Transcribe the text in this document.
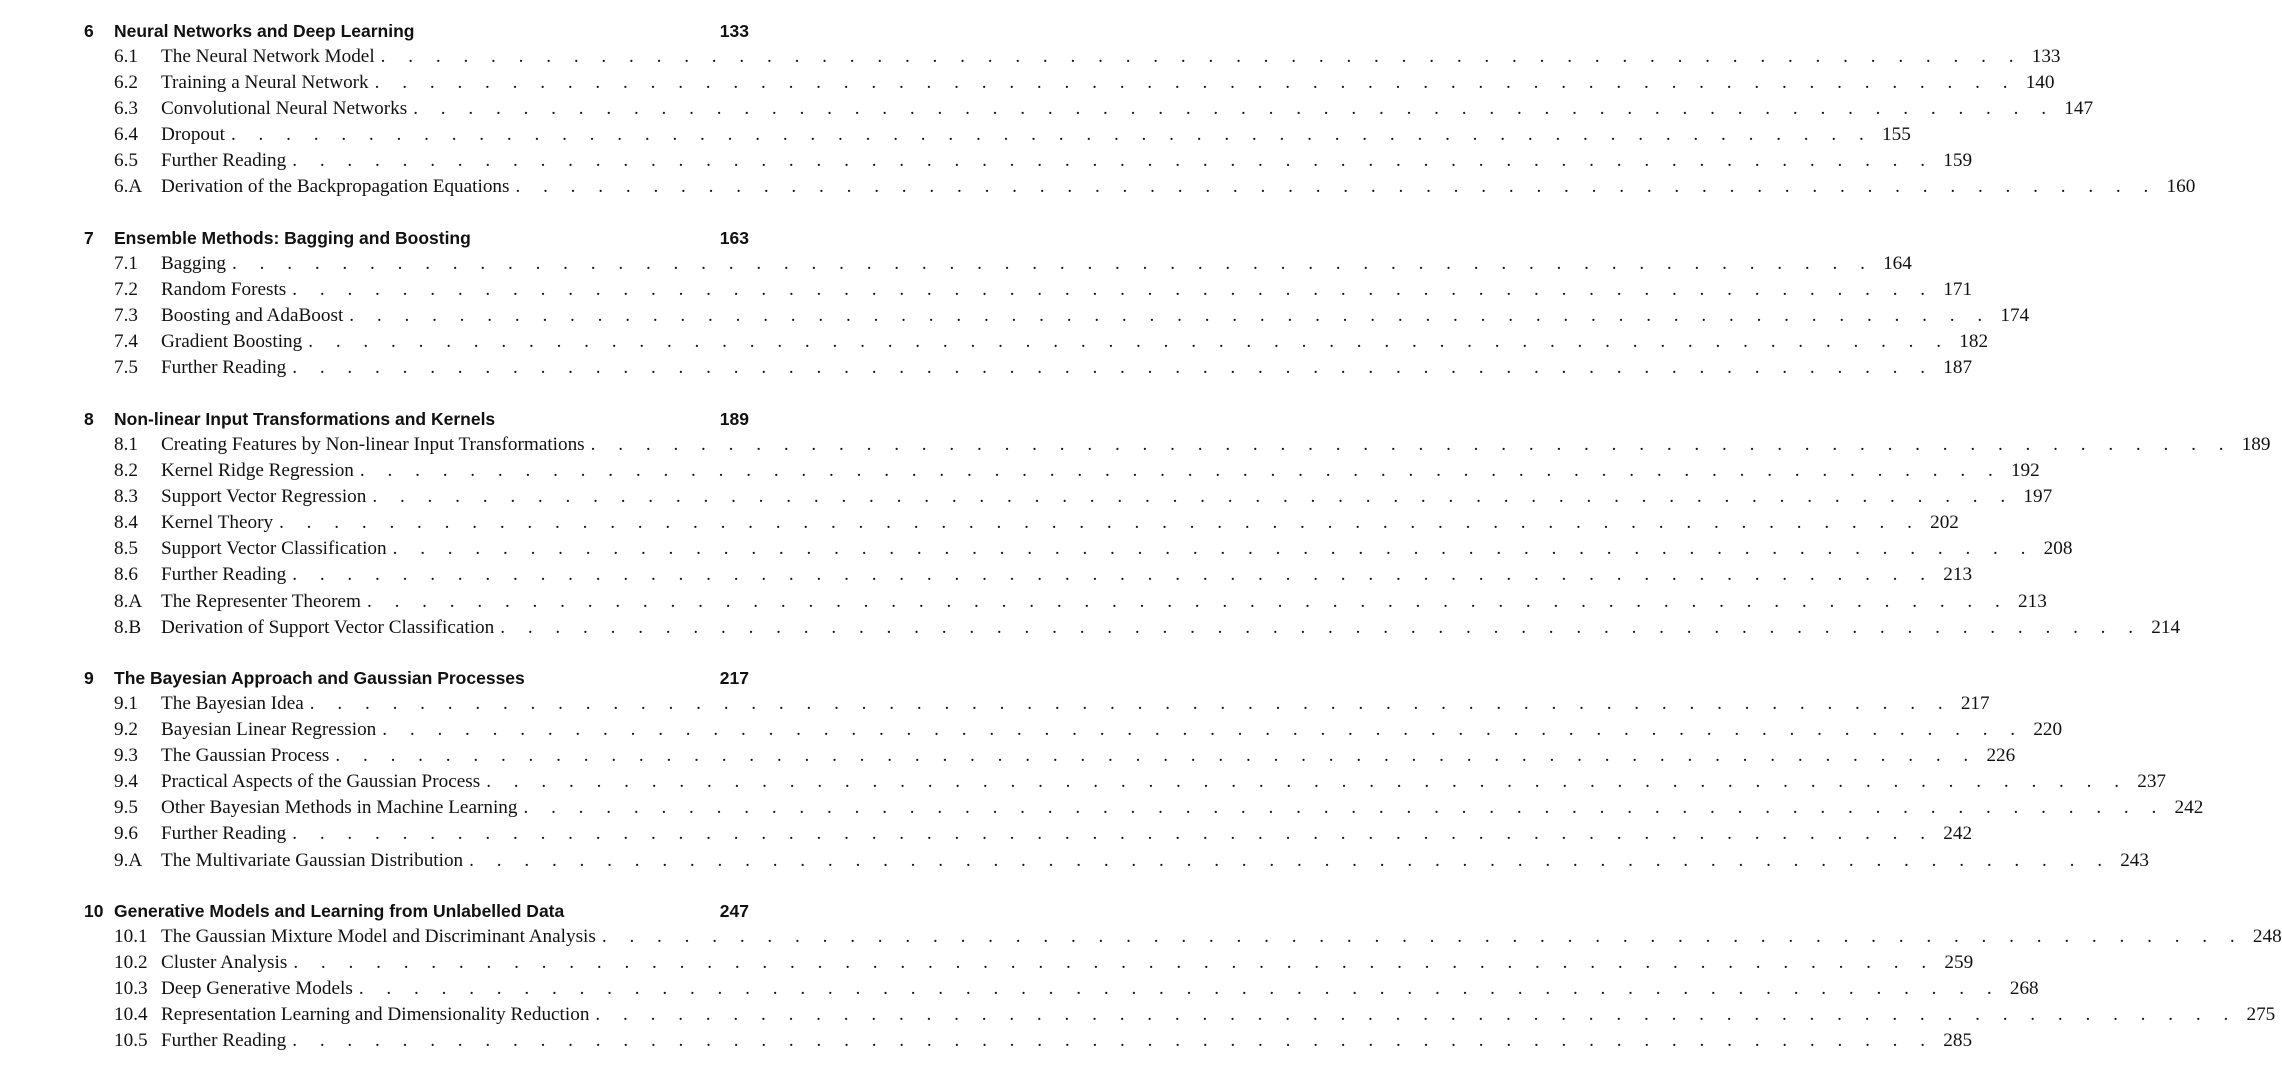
6	Neural Networks and Deep Learning	133
6.1	The Neural Network Model . . . . . . . . . . . . . . . . . . . . . . . . . . . . . . . . . . . . . . . . . . . . . . . . . . . . . . . . . . . . 133
6.2	Training a Neural Network . . . . . . . . . . . . . . . . . . . . . . . . . . . . . . . . . . . . . . . . . . . . . . . . . . . . . . . . . . . . 140
6.3	Convolutional Neural Networks . . . . . . . . . . . . . . . . . . . . . . . . . . . . . . . . . . . . . . . . . . . . . . . . . . . . . . . . . . . . 147
6.4	Dropout . . . . . . . . . . . . . . . . . . . . . . . . . . . . . . . . . . . . . . . . . . . . . . . . . . . . . . . . . . . . 155
6.5	Further Reading . . . . . . . . . . . . . . . . . . . . . . . . . . . . . . . . . . . . . . . . . . . . . . . . . . . . . . . . . . . . 159
6.A Derivation of the Backpropagation Equations . . . . . . . . . . . . . . . . . . . . . . . . . . . . . . . . . . . . . . . . . . . . . . . . . . . . . . . . . . . . 160
7	Ensemble Methods: Bagging and Boosting	163
7.1	Bagging . . . . . . . . . . . . . . . . . . . . . . . . . . . . . . . . . . . . . . . . . . . . . . . . . . . . . . . . . . . . 164
7.2	Random Forests . . . . . . . . . . . . . . . . . . . . . . . . . . . . . . . . . . . . . . . . . . . . . . . . . . . . . . . . . . . . 171
7.3	Boosting and AdaBoost . . . . . . . . . . . . . . . . . . . . . . . . . . . . . . . . . . . . . . . . . . . . . . . . . . . . . . . . . . . . 174
7.4	Gradient Boosting . . . . . . . . . . . . . . . . . . . . . . . . . . . . . . . . . . . . . . . . . . . . . . . . . . . . . . . . . . . . 182
7.5	Further Reading . . . . . . . . . . . . . . . . . . . . . . . . . . . . . . . . . . . . . . . . . . . . . . . . . . . . . . . . . . . . 187
8	Non-linear Input Transformations and Kernels	189
8.1	Creating Features by Non-linear Input Transformations . . . . . . . . . . . . . . . . . . . . . . . . . . . . . . . . . . . . . . . . . . . . . . . . . . . . . . . . . . . . 189
8.2	Kernel Ridge Regression . . . . . . . . . . . . . . . . . . . . . . . . . . . . . . . . . . . . . . . . . . . . . . . . . . . . . . . . . . . . 192
8.3	Support Vector Regression . . . . . . . . . . . . . . . . . . . . . . . . . . . . . . . . . . . . . . . . . . . . . . . . . . . . . . . . . . . . 197
8.4	Kernel Theory . . . . . . . . . . . . . . . . . . . . . . . . . . . . . . . . . . . . . . . . . . . . . . . . . . . . . . . . . . . . 202
8.5	Support Vector Classification . . . . . . . . . . . . . . . . . . . . . . . . . . . . . . . . . . . . . . . . . . . . . . . . . . . . . . . . . . . . 208
8.6	Further Reading . . . . . . . . . . . . . . . . . . . . . . . . . . . . . . . . . . . . . . . . . . . . . . . . . . . . . . . . . . . . 213
8.A The Representer Theorem . . . . . . . . . . . . . . . . . . . . . . . . . . . . . . . . . . . . . . . . . . . . . . . . . . . . . . . . . . . . 213
8.B	Derivation of Support Vector Classification . . . . . . . . . . . . . . . . . . . . . . . . . . . . . . . . . . . . . . . . . . . . . . . . . . . . . . . . . . . . 214
9	The Bayesian Approach and Gaussian Processes	217
9.1	The Bayesian Idea . . . . . . . . . . . . . . . . . . . . . . . . . . . . . . . . . . . . . . . . . . . . . . . . . . . . . . . . . . . . 217
9.2	Bayesian Linear Regression . . . . . . . . . . . . . . . . . . . . . . . . . . . . . . . . . . . . . . . . . . . . . . . . . . . . . . . . . . . . 220
9.3	The Gaussian Process . . . . . . . . . . . . . . . . . . . . . . . . . . . . . . . . . . . . . . . . . . . . . . . . . . . . . . . . . . . . 226
9.4	Practical Aspects of the Gaussian Process . . . . . . . . . . . . . . . . . . . . . . . . . . . . . . . . . . . . . . . . . . . . . . . . . . . . . . . . . . . . 237
9.5	Other Bayesian Methods in Machine Learning . . . . . . . . . . . . . . . . . . . . . . . . . . . . . . . . . . . . . . . . . . . . . . . . . . . . . . . . . . . . 242
9.6	Further Reading . . . . . . . . . . . . . . . . . . . . . . . . . . . . . . . . . . . . . . . . . . . . . . . . . . . . . . . . . . . . 242
9.A The Multivariate Gaussian Distribution . . . . . . . . . . . . . . . . . . . . . . . . . . . . . . . . . . . . . . . . . . . . . . . . . . . . . . . . . . . . 243
10 Generative Models and Learning from Unlabelled Data	247
10.1 The Gaussian Mixture Model and Discriminant Analysis . . . . . . . . . . . . . . . . . . . . . . . . . . . . . . . . . . . . . . . . . . . . . . . . . . . . . . . . . . . . 248
10.2 Cluster Analysis . . . . . . . . . . . . . . . . . . . . . . . . . . . . . . . . . . . . . . . . . . . . . . . . . . . . . . . . . . . . 259
10.3 Deep Generative Models . . . . . . . . . . . . . . . . . . . . . . . . . . . . . . . . . . . . . . . . . . . . . . . . . . . . . . . . . . . . 268
10.4 Representation Learning and Dimensionality Reduction . . . . . . . . . . . . . . . . . . . . . . . . . . . . . . . . . . . . . . . . . . . . . . . . . . . . . . . . . . . . 275
10.5 Further Reading . . . . . . . . . . . . . . . . . . . . . . . . . . . . . . . . . . . . . . . . . . . . . . . . . . . . . . . . . . . . 285
